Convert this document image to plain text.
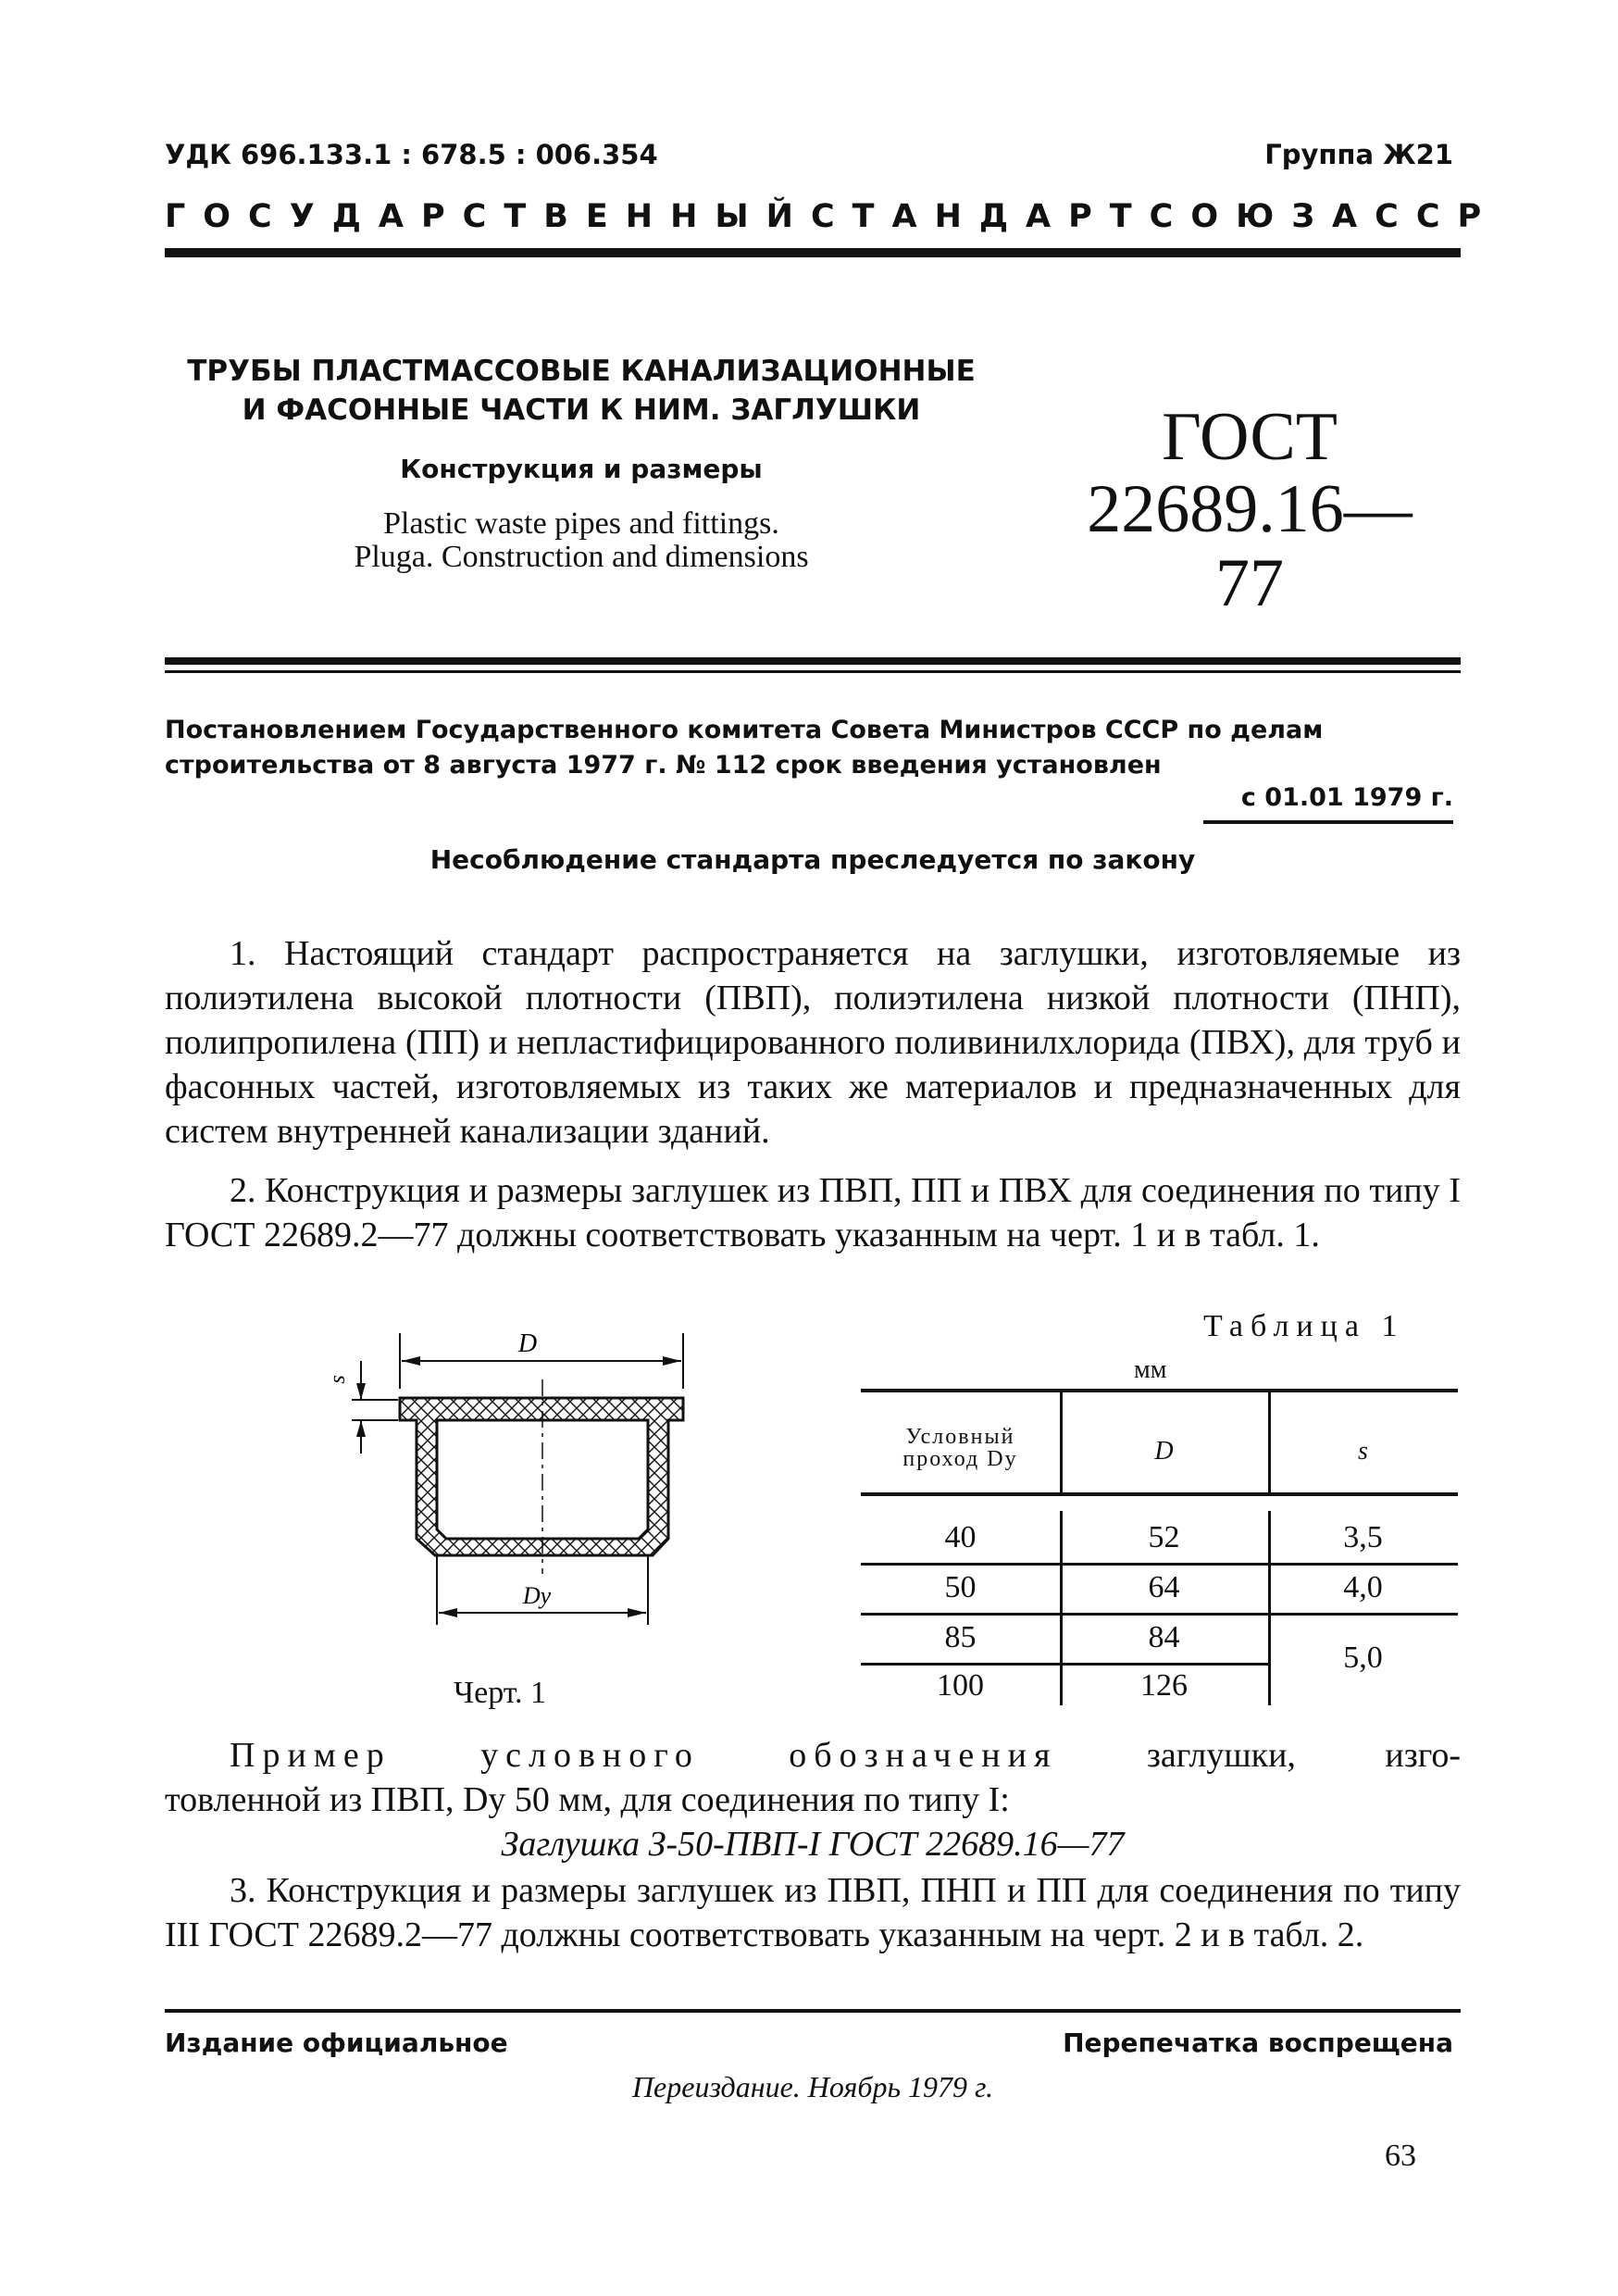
УДК 696.133.1 : 678.5 : 006.354	Группа Ж21
ГОСУДАРСТВЕННЫЙ СТАНДАРТ СОЮЗА ССР
ТРУБЫ ПЛАСТМАССОВЫЕ КАНАЛИЗАЦИОННЫЕ
И ФАСОННЫЕ ЧАСТИ К НИМ. ЗАГЛУШКИ
Конструкция и размеры
Plastic waste pipes and fittings.
Pluga. Construction and dimensions
ГОСТ
22689.16—77
Постановлением Государственного комитета Совета Министров СССР по делам строительства от 8 августа 1977 г. № 112 срок введения установлен
с 01.01 1979 г.
Несоблюдение стандарта преследуется по закону

1. Настоящий стандарт распространяется на заглушки, изготовляемые из полиэтилена высокой плотности (ПВП), полиэтилена низкой плотности (ПНП), полипропилена (ПП) и непластифицированного поливинилхлорида (ПВХ), для труб и фасонных частей, изготовляемых из таких же материалов и предназначенных для систем внутренней канализации зданий.

2. Конструкция и размеры заглушек из ПВП, ПП и ПВХ для соединения по типу I ГОСТ 22689.2—77 должны соответствовать указанным на черт. 1 и в табл. 1.

D
s
Dу
Черт. 1
Таблица 1
мм
Условный
проход Dу	D	s
40	52	3,5
50	64	4,0
85	84
5,0
100	126
Пример	условного	обозначения	заглушки,	изго-
товленной из ПВП, Dу 50 мм, для соединения по типу I:
Заглушка З-50-ПВП-I ГОСТ 22689.16—77

3. Конструкция и размеры заглушек из ПВП, ПНП и ПП для соединения по типу III ГОСТ 22689.2—77 должны соответствовать указанным на черт. 2 и в табл. 2.

Издание официальное	Перепечатка воспрещена
Переиздание. Ноябрь 1979 г.
63
